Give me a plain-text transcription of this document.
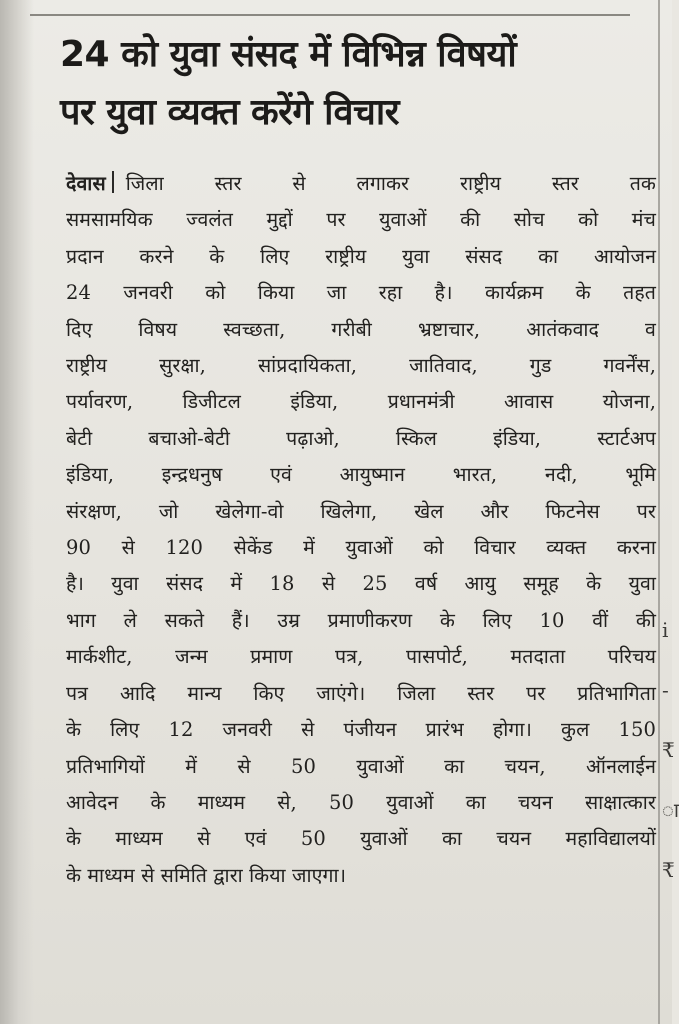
i
-
₹
ा
₹
24 को युवा संसद में विभिन्न विषयों
पर युवा व्यक्त करेंगे विचार
देवास जिला स्तर से लगाकर राष्ट्रीय स्तर तक
समसामयिक ज्वलंत मुद्दों पर युवाओं की सोच को मंच
प्रदान करने के लिए राष्ट्रीय युवा संसद का आयोजन
24 जनवरी को किया जा रहा है। कार्यक्रम के तहत
दिए विषय स्वच्छता, गरीबी भ्रष्टाचार, आतंकवाद व
राष्ट्रीय सुरक्षा, सांप्रदायिकता, जातिवाद, गुड गवर्नेंस,
पर्यावरण, डिजीटल इंडिया, प्रधानमंत्री आवास योजना,
बेटी बचाओ-बेटी पढ़ाओ, स्किल इंडिया, स्टार्टअप
इंडिया, इन्द्रधनुष एवं आयुष्मान भारत, नदी, भूमि
संरक्षण, जो खेलेगा-वो खिलेगा, खेल और फिटनेस पर
90 से 120 सेकेंड में युवाओं को विचार व्यक्त करना
है। युवा संसद में 18 से 25 वर्ष आयु समूह के युवा
भाग ले सकते हैं। उम्र प्रमाणीकरण के लिए 10 वीं की
मार्कशीट, जन्म प्रमाण पत्र, पासपोर्ट, मतदाता परिचय
पत्र आदि मान्य किए जाएंगे। जिला स्तर पर प्रतिभागिता
के लिए 12 जनवरी से पंजीयन प्रारंभ होगा। कुल 150
प्रतिभागियों में से 50 युवाओं का चयन, ऑनलाईन
आवेदन के माध्यम से, 50 युवाओं का चयन साक्षात्कार
के माध्यम से एवं 50 युवाओं का चयन महाविद्यालयों
के माध्यम से समिति द्वारा किया जाएगा।
